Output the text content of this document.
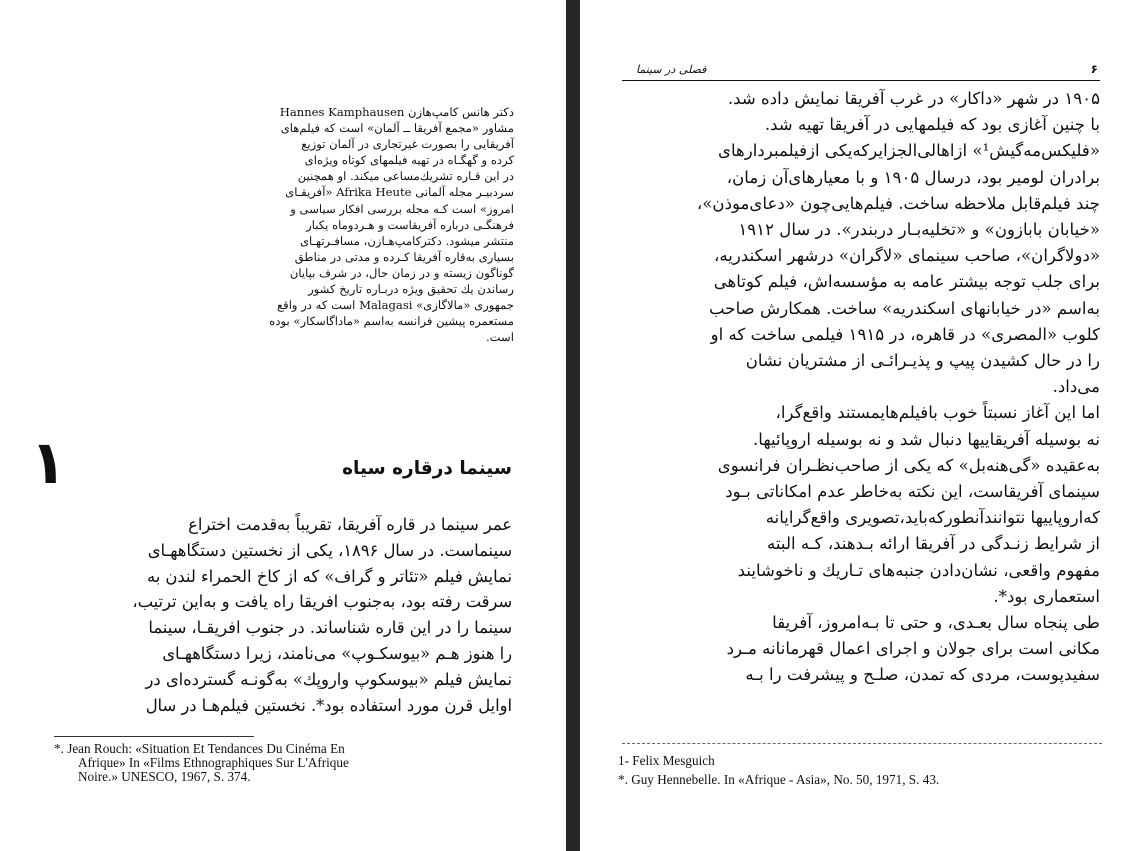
دکتر هانس کامپ‌هازن Hannes Kamphausen
مشاور «مجمع آفریقا ــ آلمان» است که فیلم‌های
آفریقایی را بصورت غیرتجاری در آلمان توزیع
کرده و گهگـاه در تهیه فیلمهای کوتاه ویژه‌ای
در این قـاره تشریك‌مساعی میکند. او همچنین
سردبیـر مجله آلمانی Afrika Heute «آفریقـای
امروز» است کـه مجله بررسی افکار سیاسی و
فرهنگـی درباره آفریقاست و هـردوماه یکبار
منتشر میشود. دکترکامپ‌هـازن، مسافـرتهـای
بسیاری به‌قاره آفریقا کـرده و مدتی در مناطق
گوناگون زیسته و در زمان حال، در شرف بپایان
رساندن یك تحقیق ویژه دربـاره تاریخ کشور
جمهوری «مالاگازی» Malagasi است که در واقع
مستعمره پیشین فرانسه به‌اسم «ماداگاسکار» بوده
است.
۱	سینما درقاره سیاه

عمر سینما در قاره آفریقا، تقریباً به‌قدمت اختراع

سینماست. در سال ۱۸۹۶، یکی از نخستین دستگاههـای

نمایش فیلم «تئاتر و گراف» که از کاخ الحمراء لندن به

سرقت رفته بود، به‌جنوب افریقا راه یافت و به‌این ترتیب،

سینما را در این قاره شناساند. در جنوب افریقـا، سینما

را هنوز هـم «بیوسکـوپ» می‌نامند، زیرا دستگاههـای

نمایش فیلم «بیوسکوپ واروپك» به‌گونـه گسترده‌ای در

اوایل قرن مورد استفاده بود*. نخستین فیلم‌هـا در سال

*. Jean Rouch: «Situation Et Tendances Du Cinéma En
Afrique» In «Films Ethnographiques Sur L'Afrique
Noire.» UNESCO, 1967, S. 374.
۶
فصلی در سینما

۱۹۰۵ در شهر «داکار» در غرب آفریقا نمایش داده شد.

با چنین آغازی بود که فیلمهایی در آفریقا تهیه شد.

«فلیکس‌مه‌گیش¹» ازاهالی‌الجزایرکه‌یکی ازفیلمبردارهای

برادران لومیر بود، درسال ۱۹۰۵ و با معیارهای‌آن زمان،

چند فیلم‌قابل ملاحظه ساخت. فیلم‌هایی‌چون «دعای‌موذن»،

«خیابان بابازون» و «تخلیه‌بـار دربندر». در سال ۱۹۱۲

«دولاگران»، صاحب سینمای «لاگران» درشهر اسکندریه،

برای جلب توجه بیشتر عامه به مؤسسه‌اش، فیلم کوتاهی

به‌اسم «در خیابانهای اسکندریه» ساخت. همکارش صاحب

کلوب «المصری» در قاهره، در ۱۹۱۵ فیلمی ساخت که او

را در حال کشیدن پیپ و پذیـرائـی از مشتریان نشان

می‌داد.

اما این آغاز نسبتاً خوب بافیلم‌هایمستند واقع‌گرا،

نه بوسیله آفریقاییها دنبال شد و نه بوسیله اروپائیها.

به‌عقیده «گی‌هنه‌بل» که یکی از صاحب‌نظـران فرانسوی

سینمای آفریقاست، این نکته به‌خاطر عدم امکاناتی بـود

که‌اروپاییها نتوانندآنطورکه‌باید،تصویری واقع‌گرایانه

از شرایط زنـدگی در آفریقا ارائه بـدهند، کـه البته

مفهوم واقعی، نشان‌دادن جنبه‌های تـاریك و ناخوشایند

استعماری بود*.

طی پنجاه سال بعـدی، و حتی تا بـه‌امروز، آفریقا

مکانی است برای جولان و اجرای اعمال قهرمانانه مـرد

سفیدپوست، مردی که تمدن، صلـح و پیشرفت را بـه

1- Felix Mesguich
*. Guy Hennebelle. In «Afrique - Asia», No. 50, 1971, S. 43.
